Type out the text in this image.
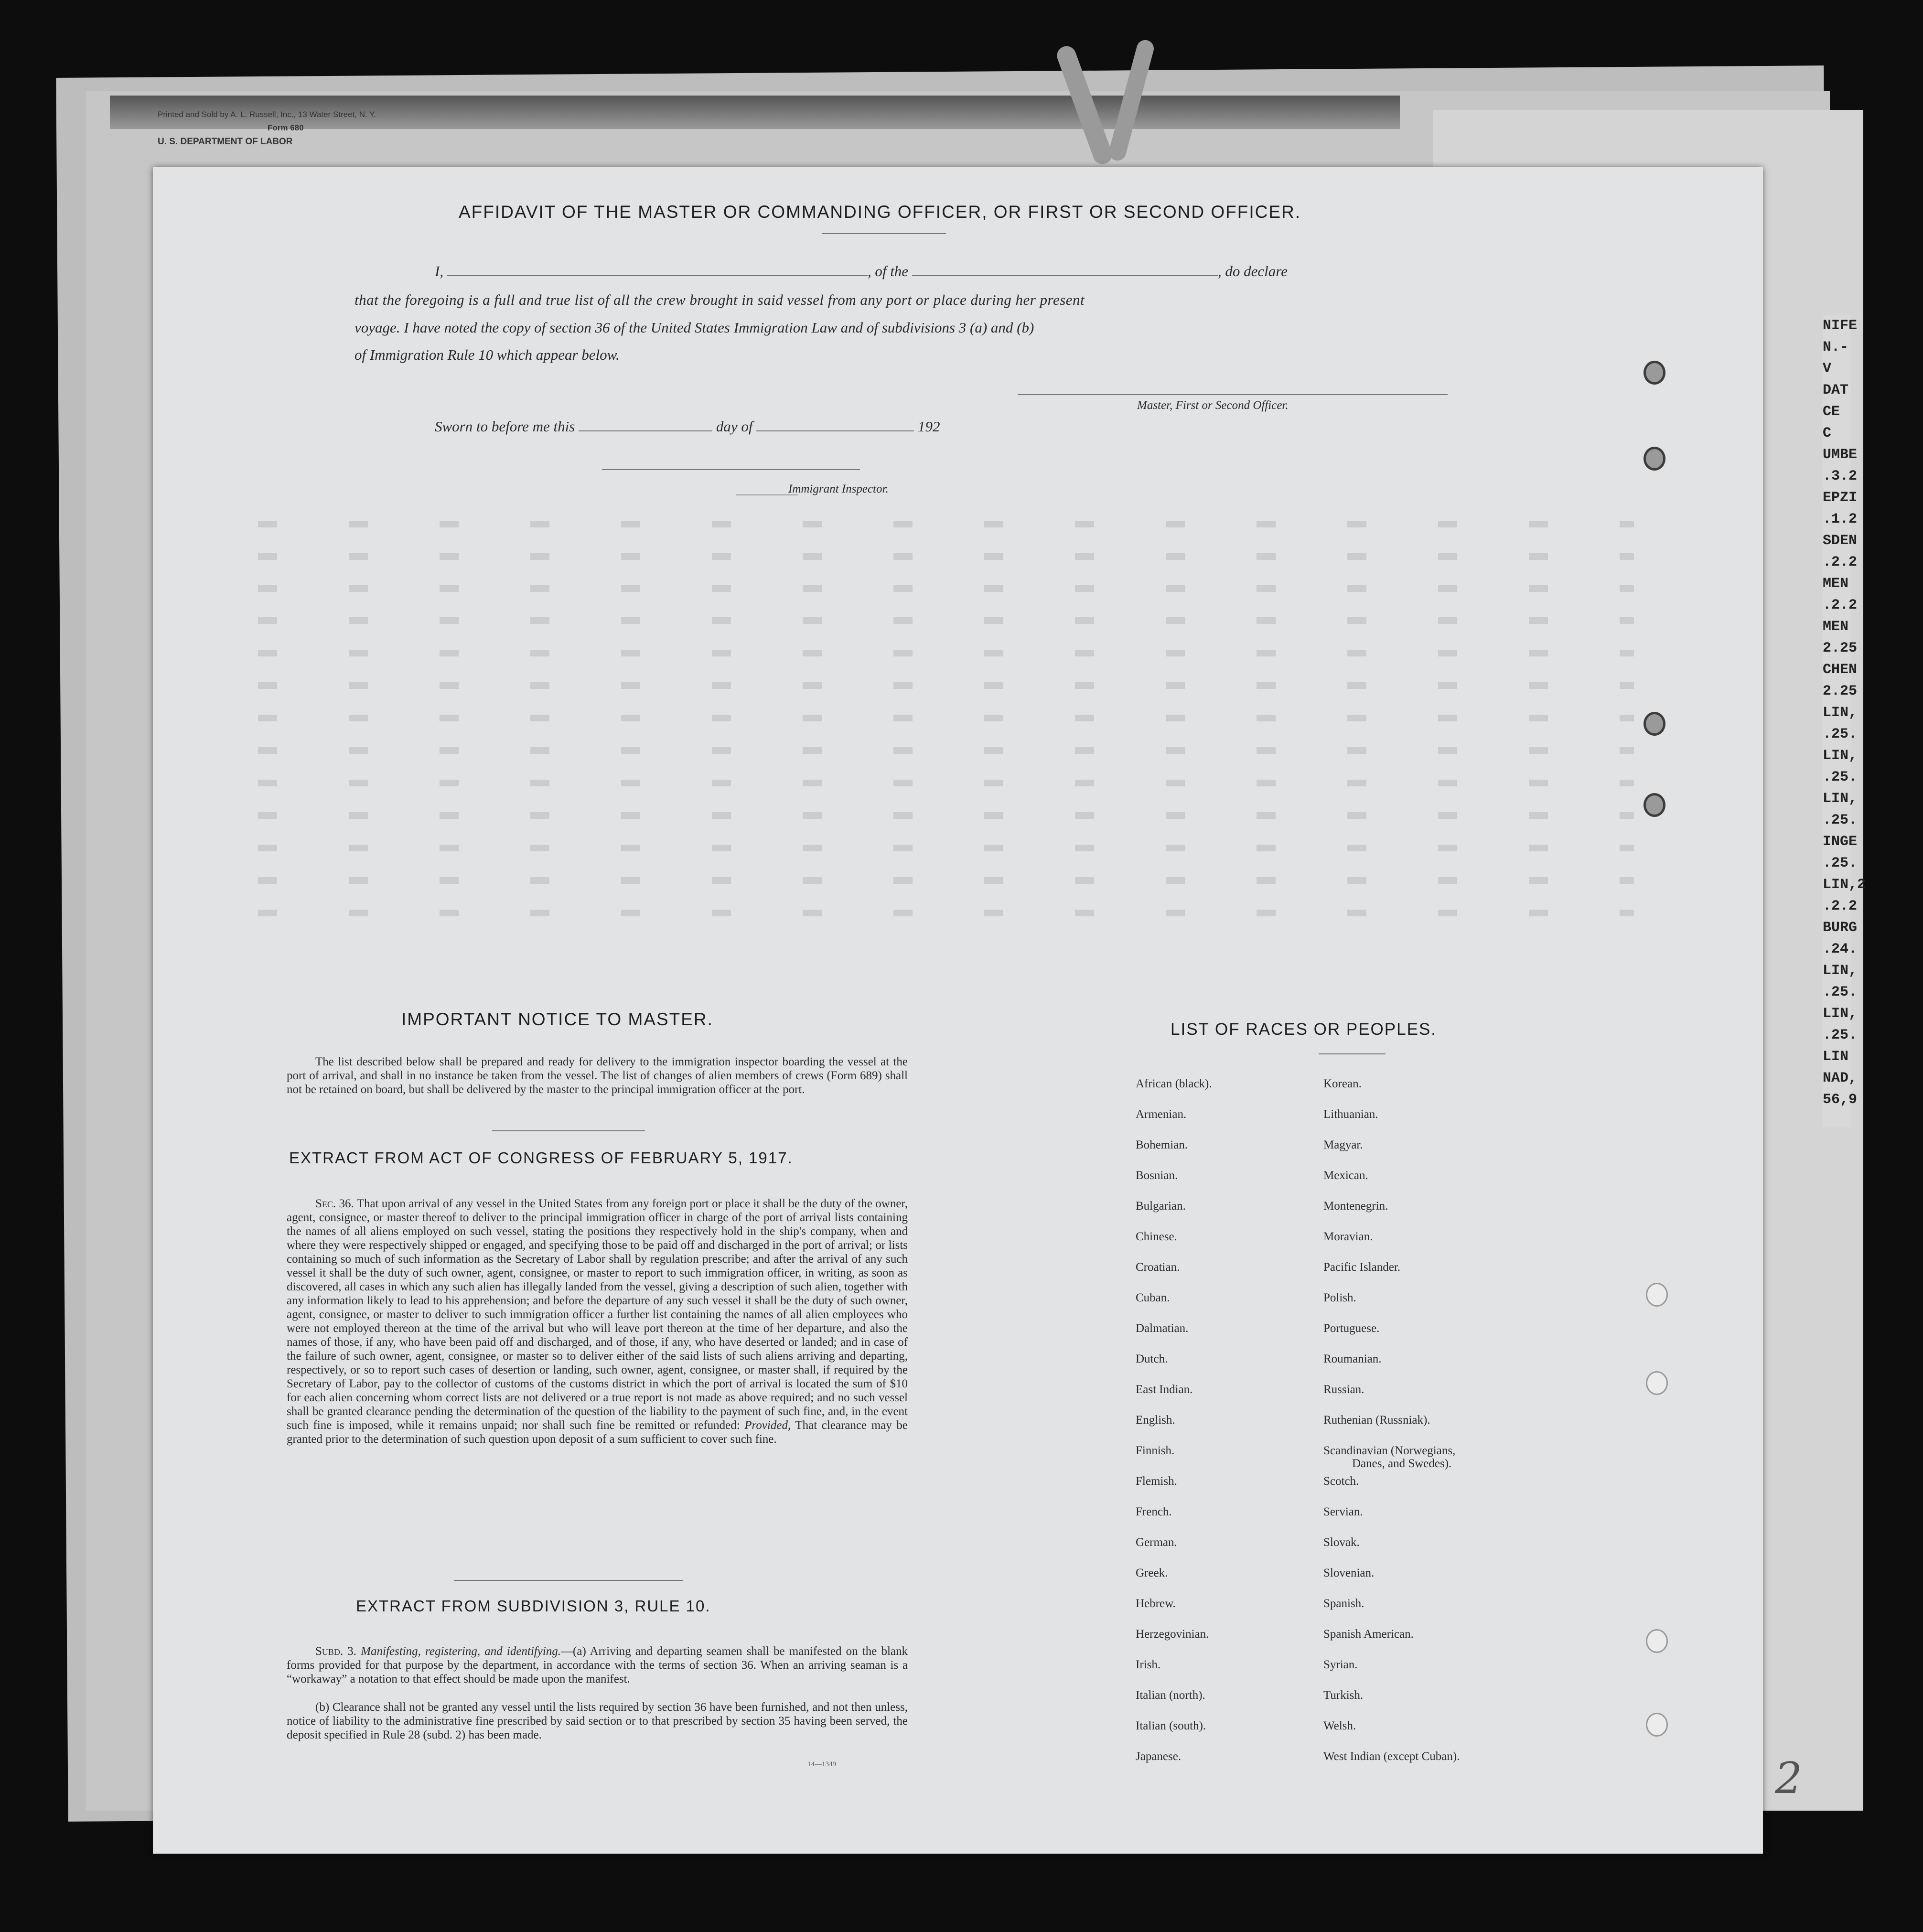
Printed and Sold by A. L. Russell, Inc., 13 Water Street, N. Y.
Form 680
U. S. DEPARTMENT OF LABOR
NIFE
N.-V
DAT
CE C
UMBE
.3.2
EPZI
.1.2
SDEN
.2.2
MEN
.2.2
MEN
2.25
CHEN
2.25
LIN,
.25.
LIN,
.25.
LIN,
.25.
INGE
.25.
LIN,2
.2.2
BURG
.24.
LIN,
.25.
LIN,
.25.
LIN
NAD,
56,9
2
AFFIDAVIT OF THE MASTER OR COMMANDING OFFICER, OR FIRST OR SECOND OFFICER.
I,	, of the	, do declare
that the foregoing is a full and true list of all the crew brought in said vessel from any port or place during her present
voyage. I have noted the copy of section 36 of the United States Immigration Law and of subdivisions 3 (a) and (b)
of Immigration Rule 10 which appear below.
Master, First or Second Officer.
Sworn to before me this	day of	192
Immigrant Inspector.
IMPORTANT NOTICE TO MASTER.
The list described below shall be prepared and ready for delivery to the immigration inspector boarding the vessel at the port of arrival, and shall in no instance be taken from the vessel. The list of changes of alien members of crews (Form 689) shall not be retained on board, but shall be delivered by the master to the principal immigration officer at the port.
EXTRACT FROM ACT OF CONGRESS OF FEBRUARY 5, 1917.
Sec. 36. That upon arrival of any vessel in the United States from any foreign port or place it shall be the duty of the owner, agent, consignee, or master thereof to deliver to the principal immigration officer in charge of the port of arrival lists containing the names of all aliens employed on such vessel, stating the positions they respectively hold in the ship's company, when and where they were respectively shipped or engaged, and specifying those to be paid off and discharged in the port of arrival; or lists containing so much of such information as the Secretary of Labor shall by regulation prescribe; and after the arrival of any such vessel it shall be the duty of such owner, agent, consignee, or master to report to such immigration officer, in writing, as soon as discovered, all cases in which any such alien has illegally landed from the vessel, giving a description of such alien, together with any information likely to lead to his apprehension; and before the departure of any such vessel it shall be the duty of such owner, agent, consignee, or master to deliver to such immigration officer a further list containing the names of all alien employees who were not employed thereon at the time of the arrival but who will leave port thereon at the time of her departure, and also the names of those, if any, who have been paid off and discharged, and of those, if any, who have deserted or landed; and in case of the failure of such owner, agent, consignee, or master so to deliver either of the said lists of such aliens arriving and departing, respectively, or so to report such cases of desertion or landing, such owner, agent, consignee, or master shall, if required by the Secretary of Labor, pay to the collector of customs of the customs district in which the port of arrival is located the sum of $10 for each alien concerning whom correct lists are not delivered or a true report is not made as above required; and no such vessel shall be granted clearance pending the determination of the question of the liability to the payment of such fine, and, in the event such fine is imposed, while it remains unpaid; nor shall such fine be remitted or refunded: Provided, That clearance may be granted prior to the determination of such question upon deposit of a sum sufficient to cover such fine.
EXTRACT FROM SUBDIVISION 3, RULE 10.
Subd. 3. Manifesting, registering, and identifying.—(a) Arriving and departing seamen shall be manifested on the blank forms provided for that purpose by the department, in accordance with the terms of section 36. When an arriving seaman is a “workaway” a notation to that effect should be made upon the manifest.
(b) Clearance shall not be granted any vessel until the lists required by section 36 have been furnished, and not then unless, notice of liability to the administrative fine prescribed by said section or to that prescribed by section 35 having been served, the deposit specified in Rule 28 (subd. 2) has been made.
14—1349
LIST OF RACES OR PEOPLES.
African (black).
Armenian.
Bohemian.
Bosnian.
Bulgarian.
Chinese.
Croatian.
Cuban.
Dalmatian.
Dutch.
East Indian.
English.
Finnish.
Flemish.
French.
German.
Greek.
Hebrew.
Herzegovinian.
Irish.
Italian (north).
Italian (south).
Japanese.
Korean.
Lithuanian.
Magyar.
Mexican.
Montenegrin.
Moravian.
Pacific Islander.
Polish.
Portuguese.
Roumanian.
Russian.
Ruthenian (Russniak).
Scandinavian (Norwegians,
Danes, and Swedes).
Scotch.
Servian.
Slovak.
Slovenian.
Spanish.
Spanish American.
Syrian.
Turkish.
Welsh.
West Indian (except Cuban).
